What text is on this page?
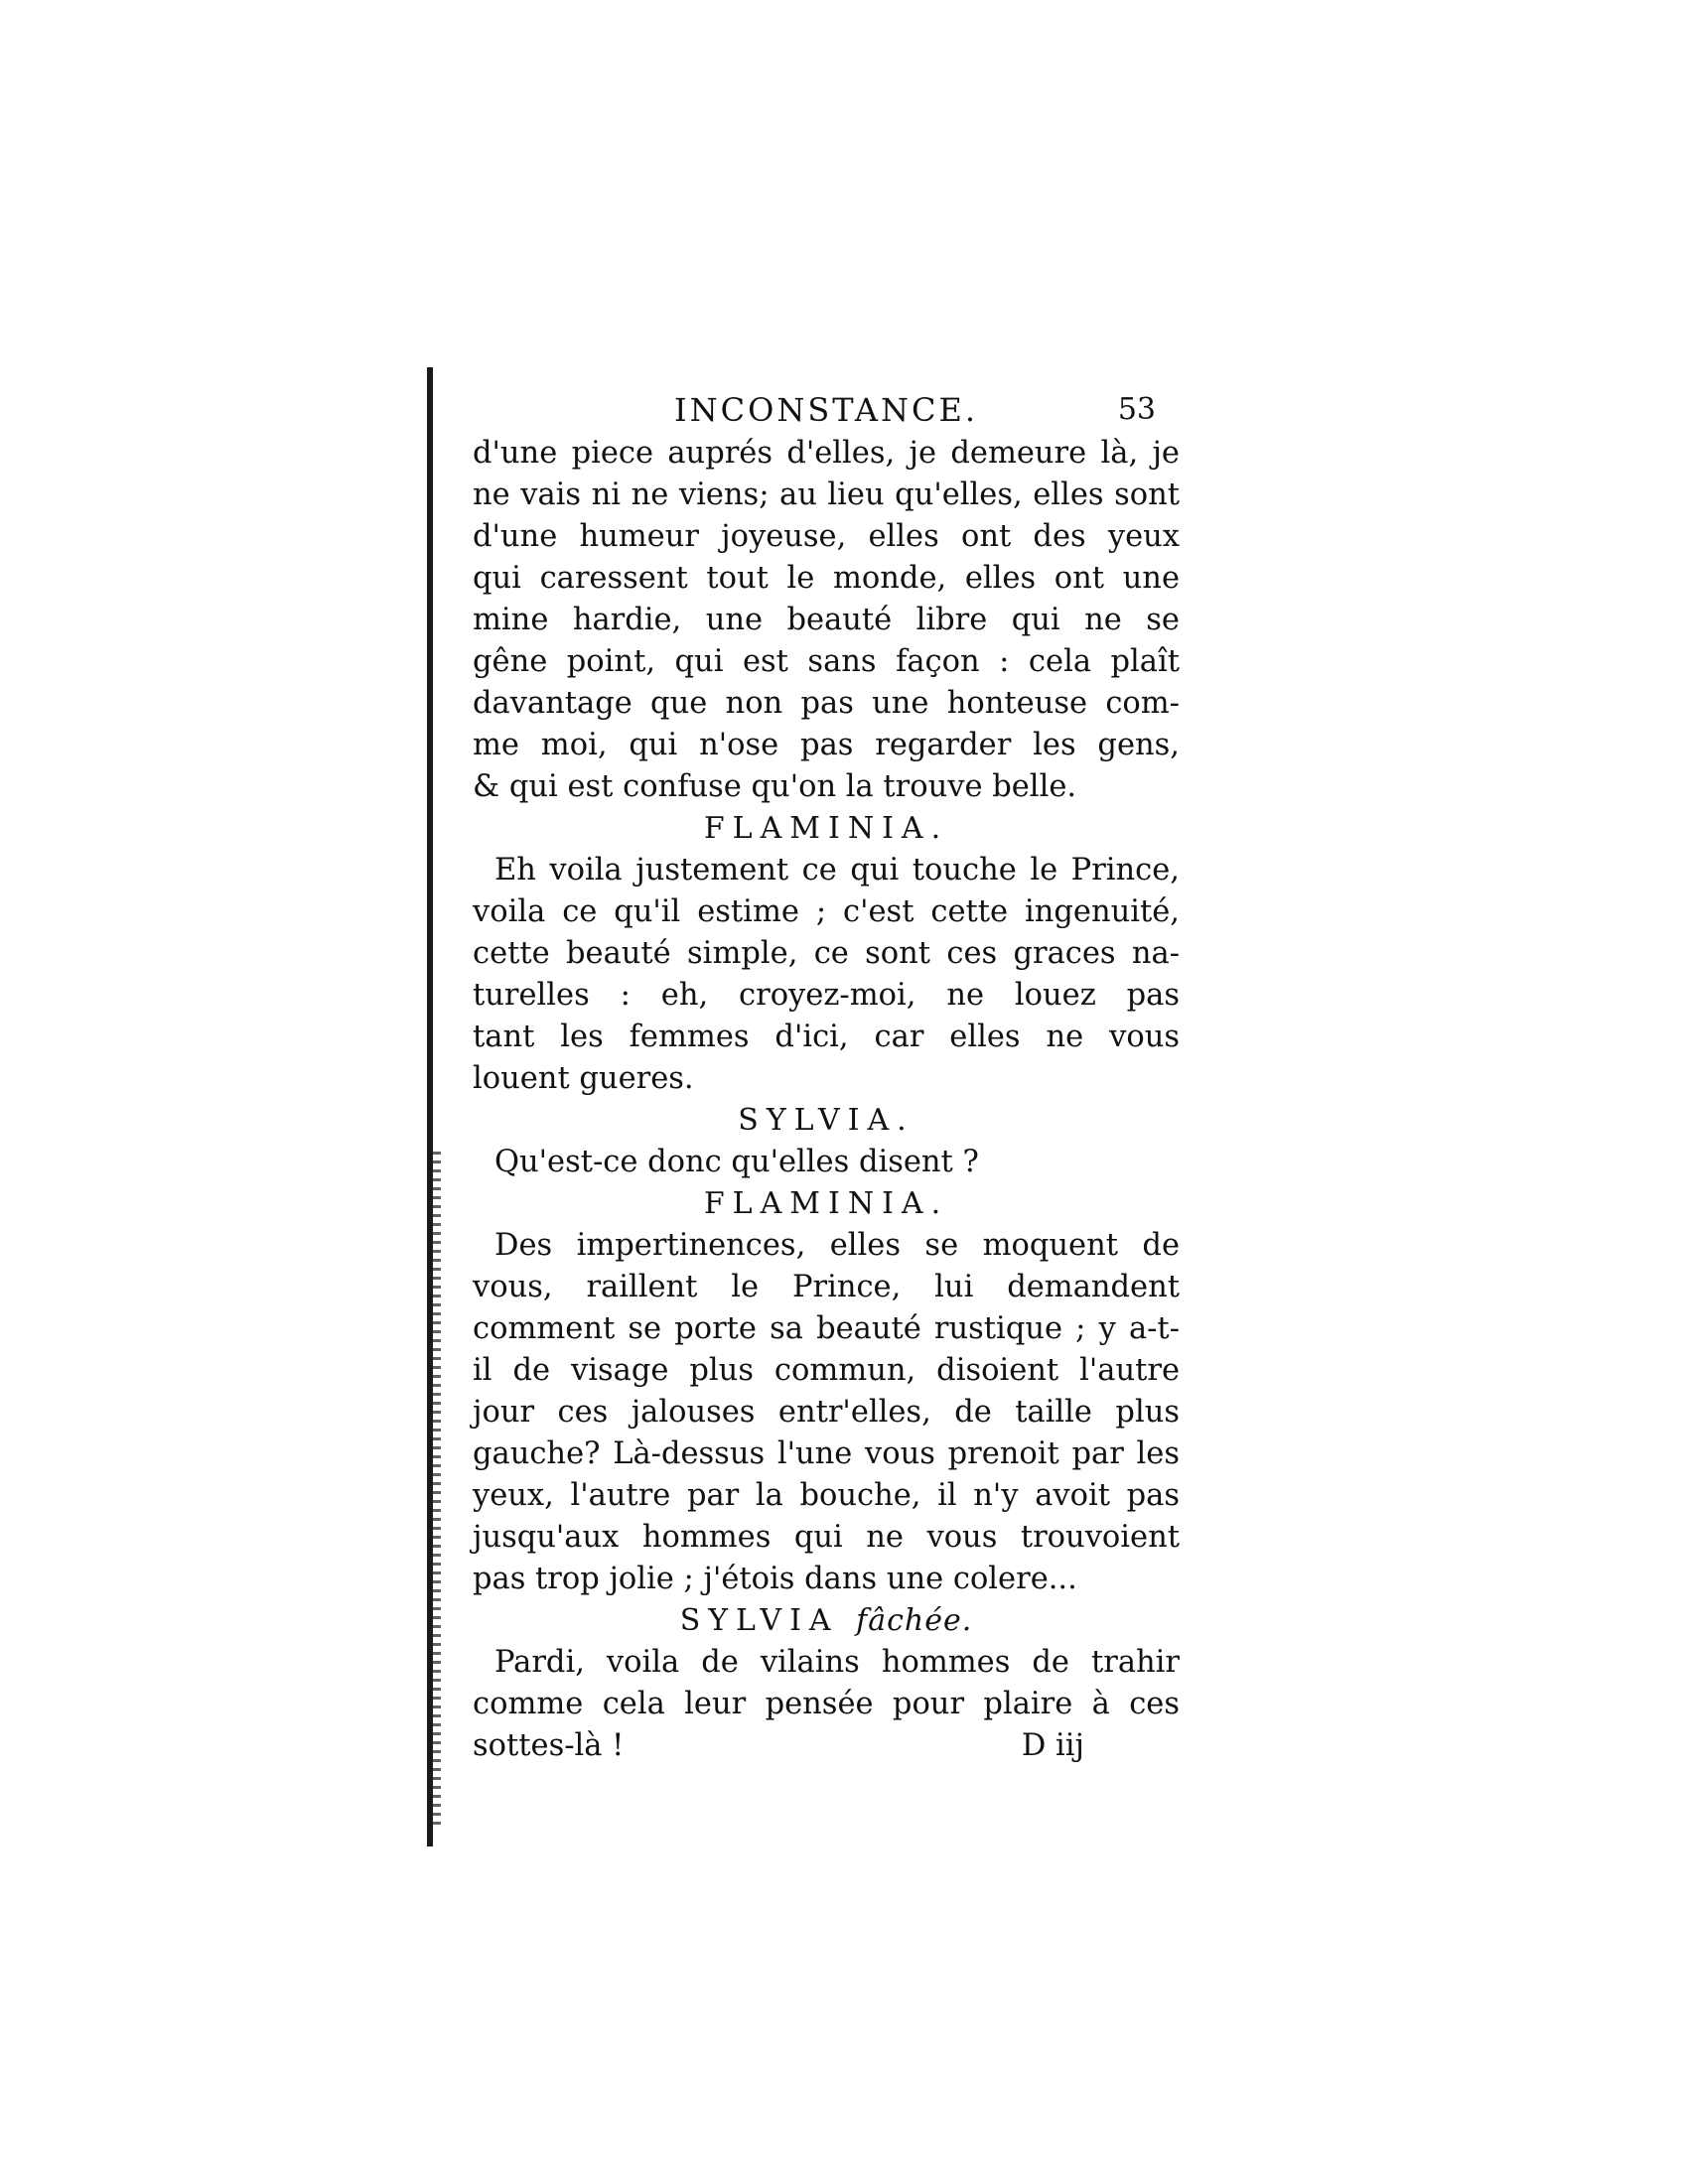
INCONSTANCE.	53
d'une piece auprés d'elles, je demeure là, je
ne vais ni ne viens; au lieu qu'elles, elles sont
d'une humeur joyeuse, elles ont des yeux
qui caressent tout le monde, elles ont une
mine hardie, une beauté libre qui ne se
gêne point, qui est sans façon : cela plaît
davantage que non pas une honteuse com-
me moi, qui n'ose pas regarder les gens,
& qui est confuse qu'on la trouve belle.
FLAMINIA.
Eh voila justement ce qui touche le Prince,
voila ce qu'il estime ; c'est cette ingenuité,
cette beauté simple, ce sont ces graces na-
turelles : eh, croyez-moi, ne louez pas
tant les femmes d'ici, car elles ne vous
louent gueres.
SYLVIA.
Qu'est-ce donc qu'elles disent ?
FLAMINIA.
Des impertinences, elles se moquent de
vous, raillent le Prince, lui demandent
comment se porte sa beauté rustique ; y a-t-
il de visage plus commun, disoient l'autre
jour ces jalouses entr'elles, de taille plus
gauche? Là-dessus l'une vous prenoit par les
yeux, l'autre par la bouche, il n'y avoit pas
jusqu'aux hommes qui ne vous trouvoient
pas trop jolie ; j'étois dans une colere...
SYLVIA fâchée.
Pardi, voila de vilains hommes de trahir
comme cela leur pensée pour plaire à ces
sottes-là !	D iij
